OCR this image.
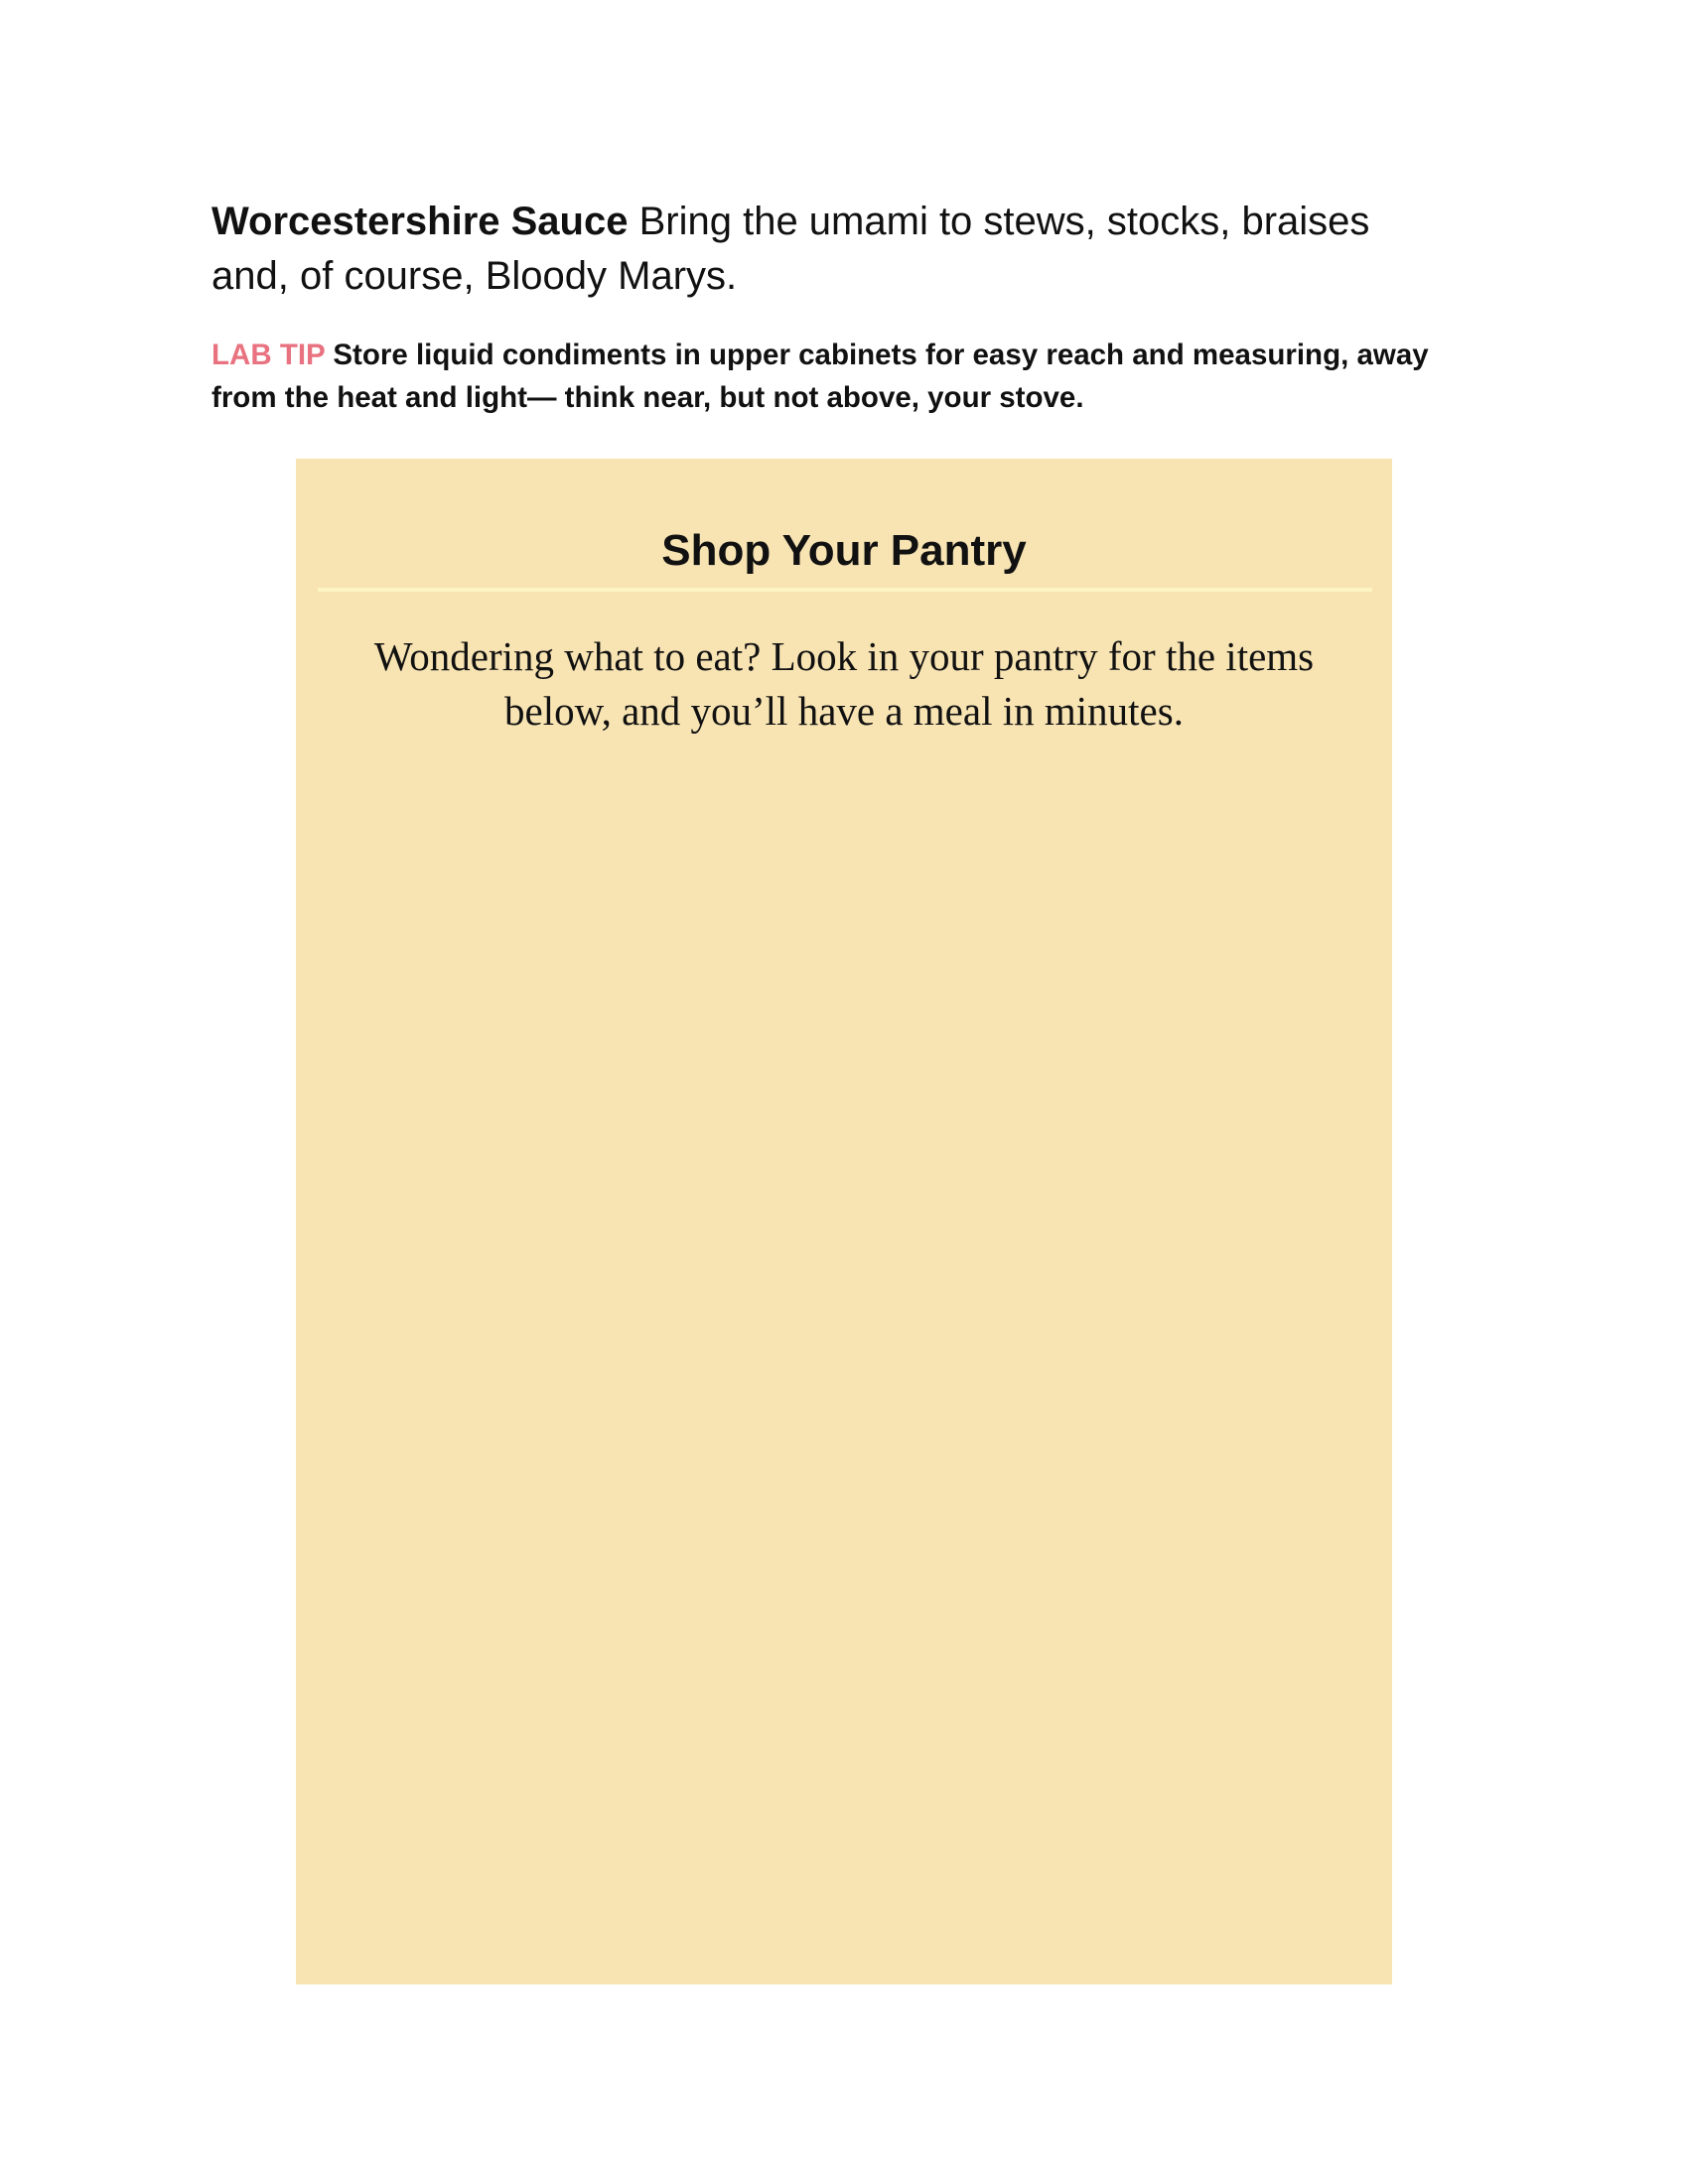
Worcestershire Sauce Bring the umami to stews, stocks, braises and, of course, Bloody Marys.

LAB TIP Store liquid condiments in upper cabinets for easy reach and measuring, away from the heat and light— think near, but not above, your stove.

Shop Your Pantry
Wondering what to eat? Look in your pantry for the items below, and you’ll have a meal in minutes.
